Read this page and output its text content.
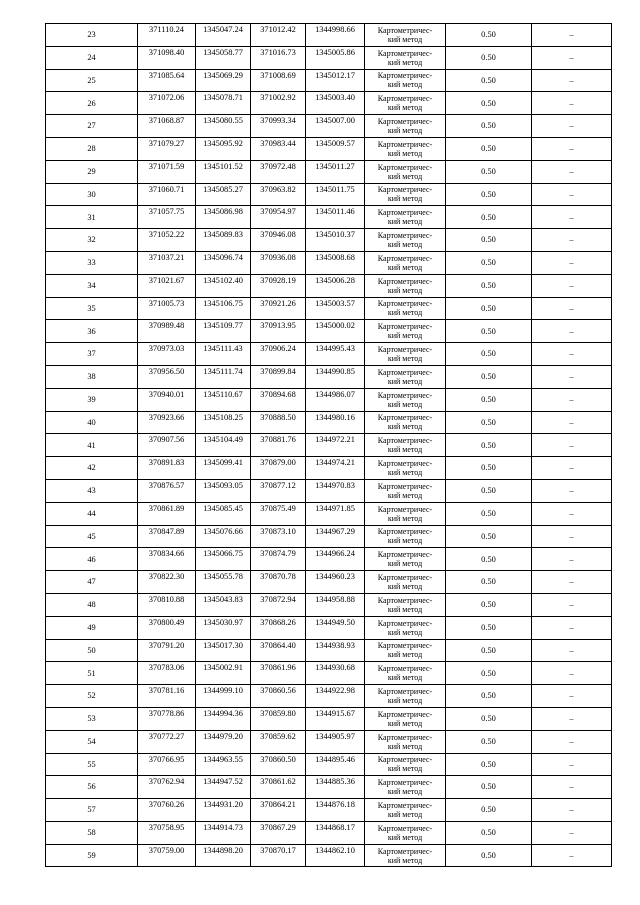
23	371110.24	1345047.24	371012.42	1344998.66	Картометричес-
кий метод	0.50	–
24	371098.40	1345058.77	371016.73	1345005.86	Картометричес-
кий метод	0.50	–
25	371085.64	1345069.29	371008.69	1345012.17	Картометричес-
кий метод	0.50	–
26	371072.06	1345078.71	371002.92	1345003.40	Картометричес-
кий метод	0.50	–
27	371068.87	1345080.55	370993.34	1345007.00	Картометричес-
кий метод	0.50	–
28	371079.27	1345095.92	370983.44	1345009.57	Картометричес-
кий метод	0.50	–
29	371071.59	1345101.52	370972.48	1345011.27	Картометричес-
кий метод	0.50	–
30	371060.71	1345085.27	370963.82	1345011.75	Картометричес-
кий метод	0.50	–
31	371057.75	1345086.98	370954.97	1345011.46	Картометричес-
кий метод	0.50	–
32	371052.22	1345089.83	370946.08	1345010.37	Картометричес-
кий метод	0.50	–
33	371037.21	1345096.74	370936.08	1345008.68	Картометричес-
кий метод	0.50	–
34	371021.67	1345102.40	370928.19	1345006.28	Картометричес-
кий метод	0.50	–
35	371005.73	1345106.75	370921.26	1345003.57	Картометричес-
кий метод	0.50	–
36	370989.48	1345109.77	370913.95	1345000.02	Картометричес-
кий метод	0.50	–
37	370973.03	1345111.43	370906.24	1344995.43	Картометричес-
кий метод	0.50	–
38	370956.50	1345111.74	370899.84	1344990.85	Картометричес-
кий метод	0.50	–
39	370940.01	1345110.67	370894.68	1344986.07	Картометричес-
кий метод	0.50	–
40	370923.66	1345108.25	370888.50	1344980.16	Картометричес-
кий метод	0.50	–
41	370907.56	1345104.49	370881.76	1344972.21	Картометричес-
кий метод	0.50	–
42	370891.83	1345099.41	370879.00	1344974.21	Картометричес-
кий метод	0.50	–
43	370876.57	1345093.05	370877.12	1344970.83	Картометричес-
кий метод	0.50	–
44	370861.89	1345085.45	370875.49	1344971.85	Картометричес-
кий метод	0.50	–
45	370847.89	1345076.66	370873.10	1344967.29	Картометричес-
кий метод	0.50	–
46	370834.66	1345066.75	370874.79	1344966.24	Картометричес-
кий метод	0.50	–
47	370822.30	1345055.78	370870.78	1344960.23	Картометричес-
кий метод	0.50	–
48	370810.88	1345043.83	370872.94	1344958.88	Картометричес-
кий метод	0.50	–
49	370800.49	1345030.97	370868.26	1344949.50	Картометричес-
кий метод	0.50	–
50	370791.20	1345017.30	370864.40	1344938.93	Картометричес-
кий метод	0.50	–
51	370783.06	1345002.91	370861.96	1344930.68	Картометричес-
кий метод	0.50	–
52	370781.16	1344999.10	370860.56	1344922.98	Картометричес-
кий метод	0.50	–
53	370778.86	1344994.36	370859.80	1344915.67	Картометричес-
кий метод	0.50	–
54	370772.27	1344979.20	370859.62	1344905.97	Картометричес-
кий метод	0.50	–
55	370766.95	1344963.55	370860.50	1344895.46	Картометричес-
кий метод	0.50	–
56	370762.94	1344947.52	370861.62	1344885.36	Картометричес-
кий метод	0.50	–
57	370760.26	1344931.20	370864.21	1344876.18	Картометричес-
кий метод	0.50	–
58	370758.95	1344914.73	370867.29	1344868.17	Картометричес-
кий метод	0.50	–
59	370759.00	1344898.20	370870.17	1344862.10	Картометричес-
кий метод	0.50	–
